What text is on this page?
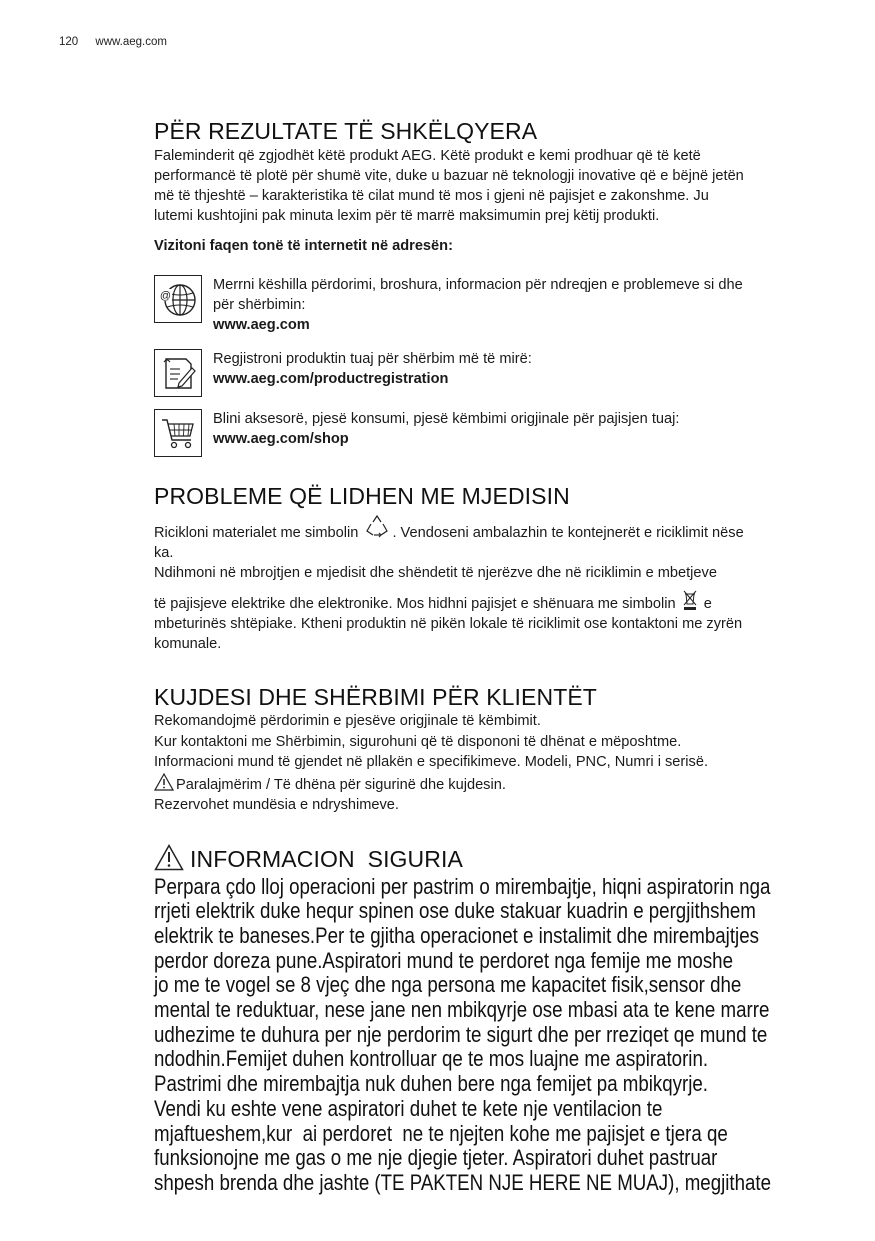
120 www.aeg.com
PËR REZULTATE TË SHKËLQYERA

Faleminderit që zgjodhët këtë produkt AEG. Këtë produkt e kemi prodhuar që të ketë

performancë të plotë për shumë vite, duke u bazuar në teknologji inovative që e bëjnë jetën

më të thjeshtë – karakteristika të cilat mund të mos i gjeni në pajisjet e zakonshme. Ju

lutemi kushtojini pak minuta lexim për të marrë maksimumin prej këtij produkti.

Vizitoni faqen tonë të internetit në adresën:

@

Merrni këshilla përdorimi, broshura, informacion për ndreqjen e problemeve si dhe

për shërbimin:

www.aeg.com

Regjistroni produktin tuaj për shërbim më të mirë:

www.aeg.com/productregistration

Blini aksesorë, pjesë konsumi, pjesë këmbimi origjinale për pajisjen tuaj:

www.aeg.com/shop

PROBLEME QË LIDHEN ME MJEDISIN

Ricikloni materialet me simbolin . Vendoseni ambalazhin te kontejnerët e riciklimit nëse

ka.

Ndihmoni në mbrojtjen e mjedisit dhe shëndetit të njerëzve dhe në riciklimin e mbetjeve

të pajisjeve elektrike dhe elektronike. Mos hidhni pajisjet e shënuara me simbolin e

mbeturinës shtëpiake. Ktheni produktin në pikën lokale të riciklimit ose kontaktoni me zyrën

komunale.

KUJDESI DHE SHËRBIMI PËR KLIENTËT

Rekomandojmë përdorimin e pjesëve origjinale të këmbimit.

Kur kontaktoni me Shërbimin, sigurohuni që të dispononi të dhënat e mëposhtme.

Informacioni mund të gjendet në pllakën e specifikimeve. Modeli, PNC, Numri i serisë.

Paralajmërim / Të dhëna për sigurinë dhe kujdesin.

Rezervohet mundësia e ndryshimeve.

INFORMACION  SIGURIA
Perpara çdo lloj operacioni per pastrim o mirembajtje, hiqni aspiratorin nga
rrjeti elektrik duke hequr spinen ose duke stakuar kuadrin e pergjithshem
elektrik te baneses.Per te gjitha operacionet e instalimit dhe mirembajtjes
perdor doreza pune.Aspiratori mund te perdoret nga femije me moshe
jo me te vogel se 8 vjeç dhe nga persona me kapacitet fisik,sensor dhe
mental te reduktuar, nese jane nen mbikqyrje ose mbasi ata te kene marre
udhezime te duhura per nje perdorim te sigurt dhe per rreziqet qe mund te
ndodhin.Femijet duhen kontrolluar qe te mos luajne me aspiratorin.
Pastrimi dhe mirembajtja nuk duhen bere nga femijet pa mbikqyrje.
Vendi ku eshte vene aspiratori duhet te kete nje ventilacion te
mjaftueshem,kur  ai perdoret  ne te njejten kohe me pajisjet e tjera qe
funksionojne me gas o me nje djegie tjeter. Aspiratori duhet pastruar
shpesh brenda dhe jashte (TE PAKTEN NJE HERE NE MUAJ), megjithate
